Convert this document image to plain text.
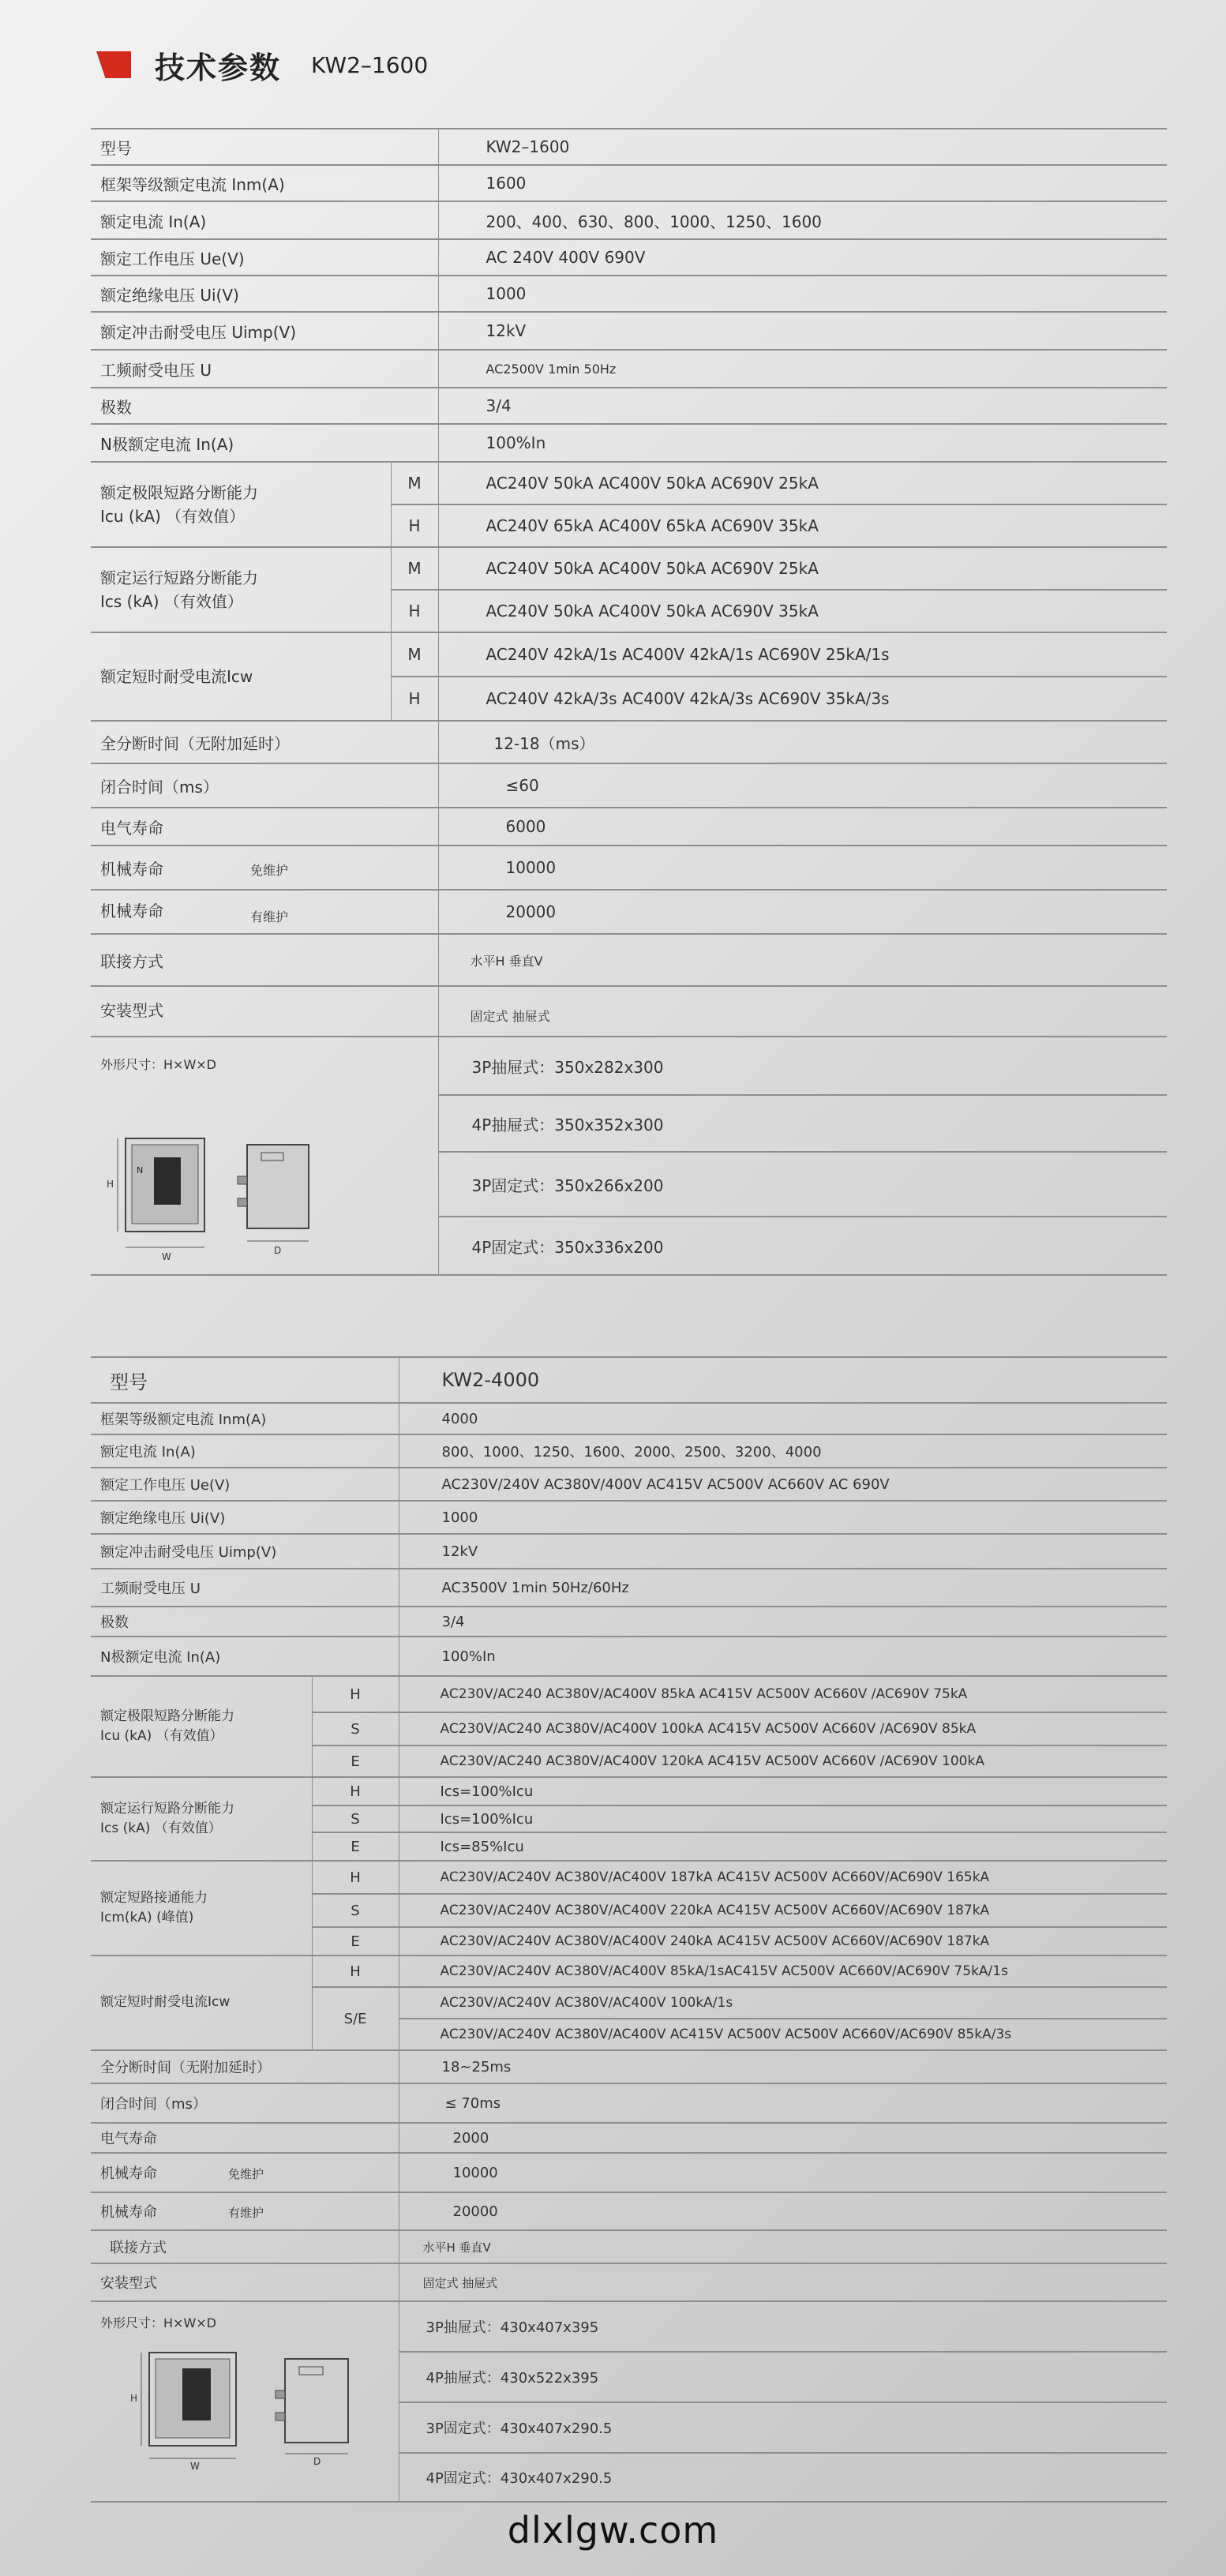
技术参数 KW2–1600
型号		KW2–1600
框架等级额定电流 Inm(A)		1600
额定电流 In(A)		200、400、630、800、1000、1250、1600
额定工作电压 Ue(V)		AC 240V 400V 690V
额定绝缘电压 Ui(V)		1000
额定冲击耐受电压 Uimp(V)		12kV
工频耐受电压 U		AC2500V 1min 50Hz
极数		3/4
N极额定电流 In(A)		100%In
额定极限短路分断能力
Icu (kA) （有效值）	M	AC240V 50kA AC400V 50kA AC690V 25kA
	H	AC240V 65kA AC400V 65kA AC690V 35kA
额定运行短路分断能力
Ics (kA) （有效值）	M	AC240V 50kA AC400V 50kA AC690V 25kA
	H	AC240V 50kA AC400V 50kA AC690V 35kA
额定短时耐受电流Icw	M	AC240V 42kA/1s AC400V 42kA/1s AC690V 25kA/1s
	H	AC240V 42kA/3s AC400V 42kA/3s AC690V 35kA/3s
全分断时间（无附加延时）		12-18（ms）
闭合时间（ms）		≤60
电气寿命		6000
机械寿命 免维护		10000
机械寿命 $_{有维护}$		20000
联接方式		水平H 垂直V
安装型式		固定式 抽屉式
外形尺寸：H×W×D		3P抽屉式：350x282x300
		4P抽屉式：350x352x300
		3P固定式：350x266x200
		4P固定式：350x336x200
H
N
W
D
型号		KW2-4000
框架等级额定电流 Inm(A)		4000
额定电流 In(A)		800、1000、1250、1600、2000、2500、3200、4000
额定工作电压 Ue(V)		AC230V/240V AC380V/400V AC415V AC500V AC660V AC 690V
额定绝缘电压 Ui(V)		1000
额定冲击耐受电压 Uimp(V)		12kV
工频耐受电压 U		AC3500V 1min 50Hz/60Hz
极数		3/4
N极额定电流 In(A)		100%In
额定极限短路分断能力
Icu (kA) （有效值）	H	AC230V/AC240 AC380V/AC400V 85kA AC415V AC500V AC660V /AC690V 75kA
	S	AC230V/AC240 AC380V/AC400V 100kA AC415V AC500V AC660V /AC690V 85kA
	E	AC230V/AC240 AC380V/AC400V 120kA AC415V AC500V AC660V /AC690V 100kA
额定运行短路分断能力
Ics (kA) （有效值）	H	Ics=100%Icu
	S	Ics=100%Icu
	E	Ics=85%Icu
额定短路接通能力
Icm(kA) (峰值)	H	AC230V/AC240V AC380V/AC400V 187kA AC415V AC500V AC660V/AC690V 165kA
	S	AC230V/AC240V AC380V/AC400V 220kA AC415V AC500V AC660V/AC690V 187kA
	E	AC230V/AC240V AC380V/AC400V 240kA AC415V AC500V AC660V/AC690V 187kA
额定短时耐受电流Icw	H	AC230V/AC240V AC380V/AC400V 85kA/1sAC415V AC500V AC660V/AC690V 75kA/1s
	S/E	AC230V/AC240V AC380V/AC400V 100kA/1s
		AC230V/AC240V AC380V/AC400V AC415V AC500V AC500V AC660V/AC690V 85kA/3s
全分断时间（无附加延时）		18~25ms
闭合时间（ms）		≤ 70ms
电气寿命		2000
机械寿命 免维护		10000
机械寿命 有维护		20000
联接方式		水平H 垂直V
安装型式		固定式 抽屉式
外形尺寸：H×W×D		3P抽屉式：430x407x395
		4P抽屉式：430x522x395
		3P固定式：430x407x290.5
		4P固定式：430x407x290.5
H
W	D
dlxlgw.com
